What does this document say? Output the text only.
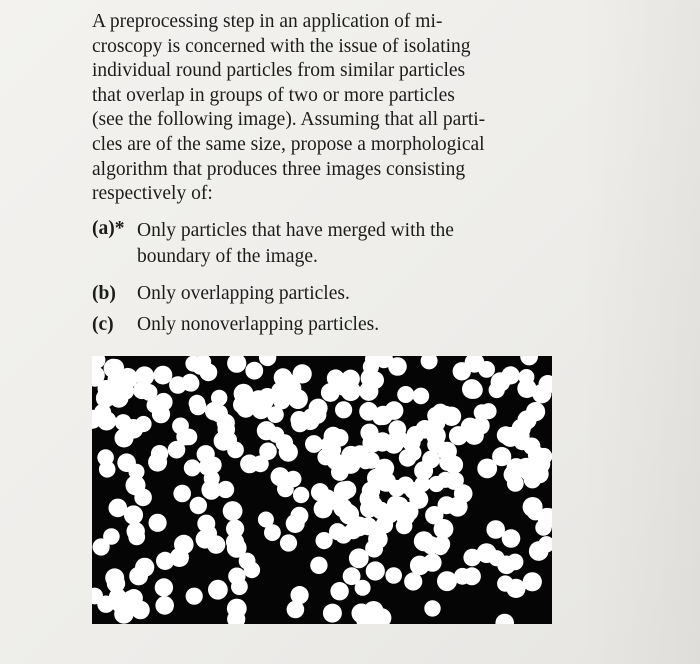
A preprocessing step in an application of mi-
croscopy is concerned with the issue of isolating
individual round particles from similar particles
that overlap in groups of two or more particles
(see the following image). Assuming that all parti-
cles are of the same size, propose a morphological
algorithm that produces three images consisting
respectively of:
(a)* Only particles that have merged with the
boundary of the image.
(b) Only overlapping particles.
(c) Only nonoverlapping particles.
